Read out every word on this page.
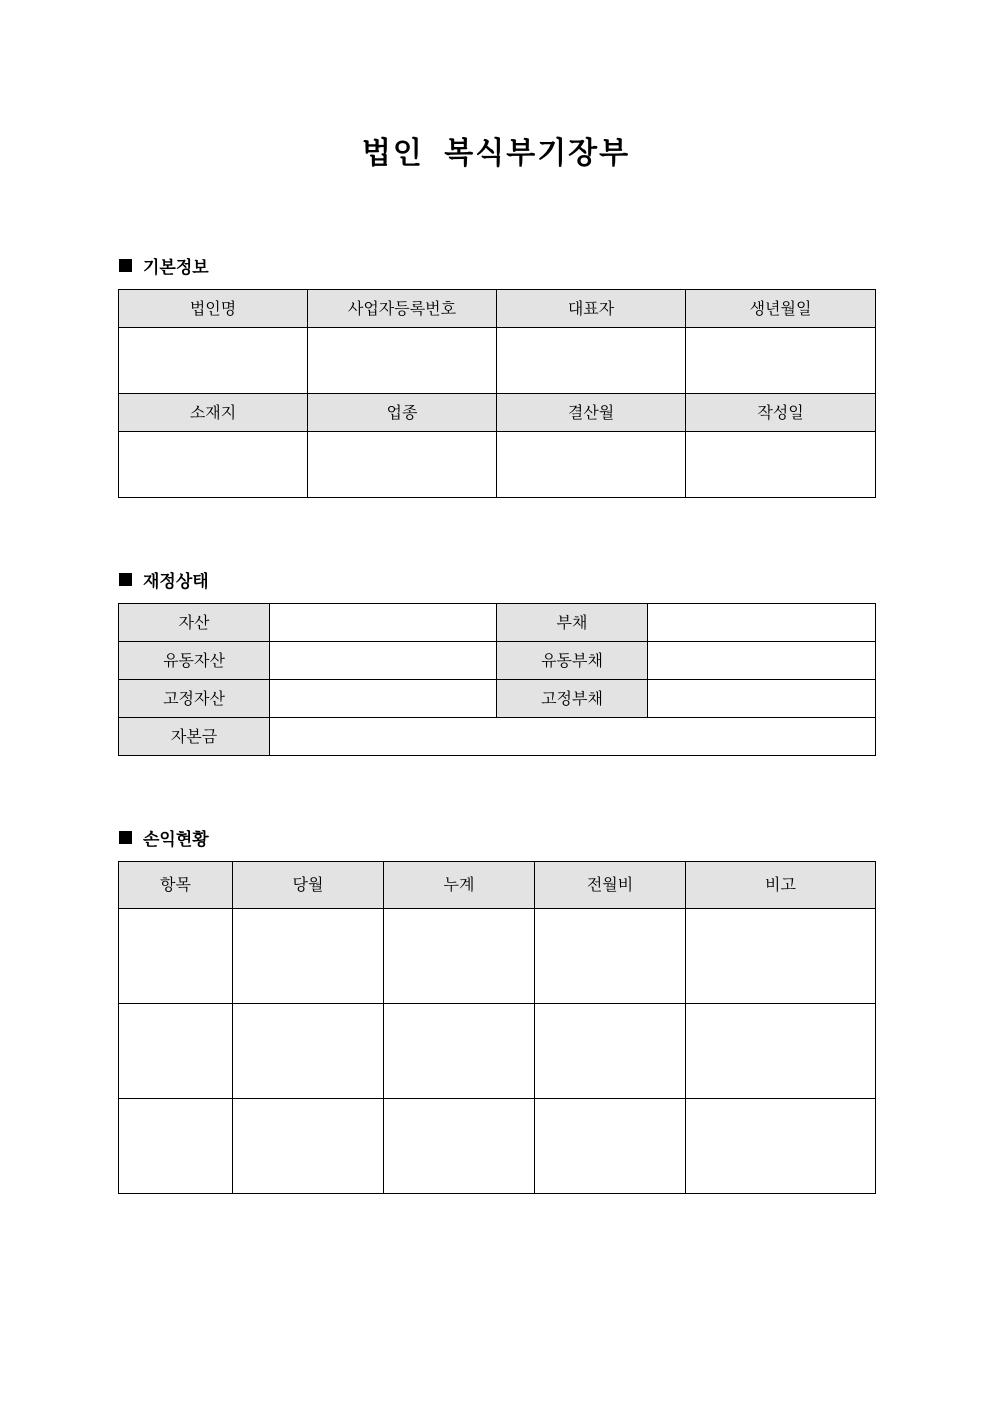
법인 복식부기장부
기본정보
법인명	사업자등록번호	대표자	생년월일

소재지	업종	결산월	작성일

재정상태
자산		부채	
유동자산		유동부채	
고정자산		고정부채	
자본금			
손익현황
항목	당월	누계	전월비	비고
